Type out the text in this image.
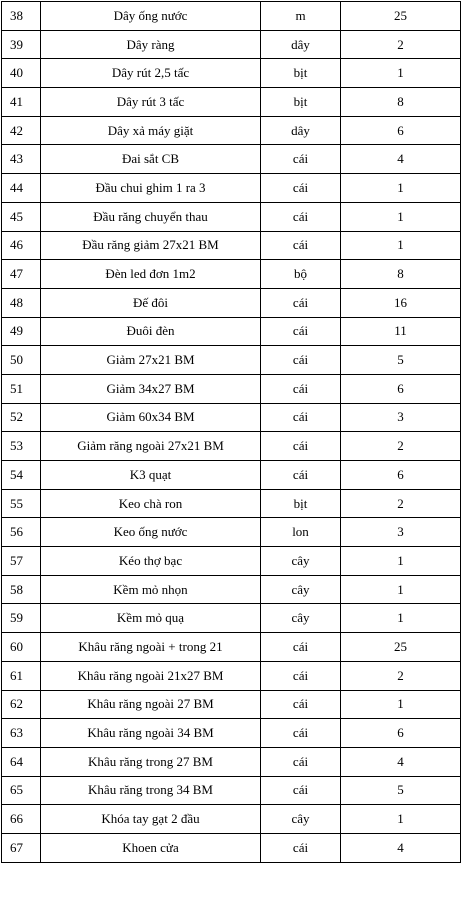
38	Dây ống nước	m	25
39	Dây ràng	dây	2
40	Dây rút 2,5 tấc	bịt	1
41	Dây rút 3 tấc	bịt	8
42	Dây xả máy giặt	dây	6
43	Đai sắt CB	cái	4
44	Đầu chui ghim 1 ra 3	cái	1
45	Đầu răng chuyển thau	cái	1
46	Đầu răng giảm 27x21 BM	cái	1
47	Đèn led đơn 1m2	bộ	8
48	Đế đôi	cái	16
49	Đuôi đèn	cái	11
50	Giảm 27x21 BM	cái	5
51	Giảm 34x27 BM	cái	6
52	Giảm 60x34 BM	cái	3
53	Giảm răng ngoài 27x21 BM	cái	2
54	K3 quạt	cái	6
55	Keo chà ron	bịt	2
56	Keo ống nước	lon	3
57	Kéo thợ bạc	cây	1
58	Kềm mỏ nhọn	cây	1
59	Kềm mỏ quạ	cây	1
60	Khâu răng ngoài + trong 21	cái	25
61	Khâu răng ngoài 21x27 BM	cái	2
62	Khâu răng ngoài 27 BM	cái	1
63	Khâu răng ngoài 34 BM	cái	6
64	Khâu răng trong 27 BM	cái	4
65	Khâu răng trong 34 BM	cái	5
66	Khóa tay gạt 2 đầu	cây	1
67	Khoen cửa	cái	4
